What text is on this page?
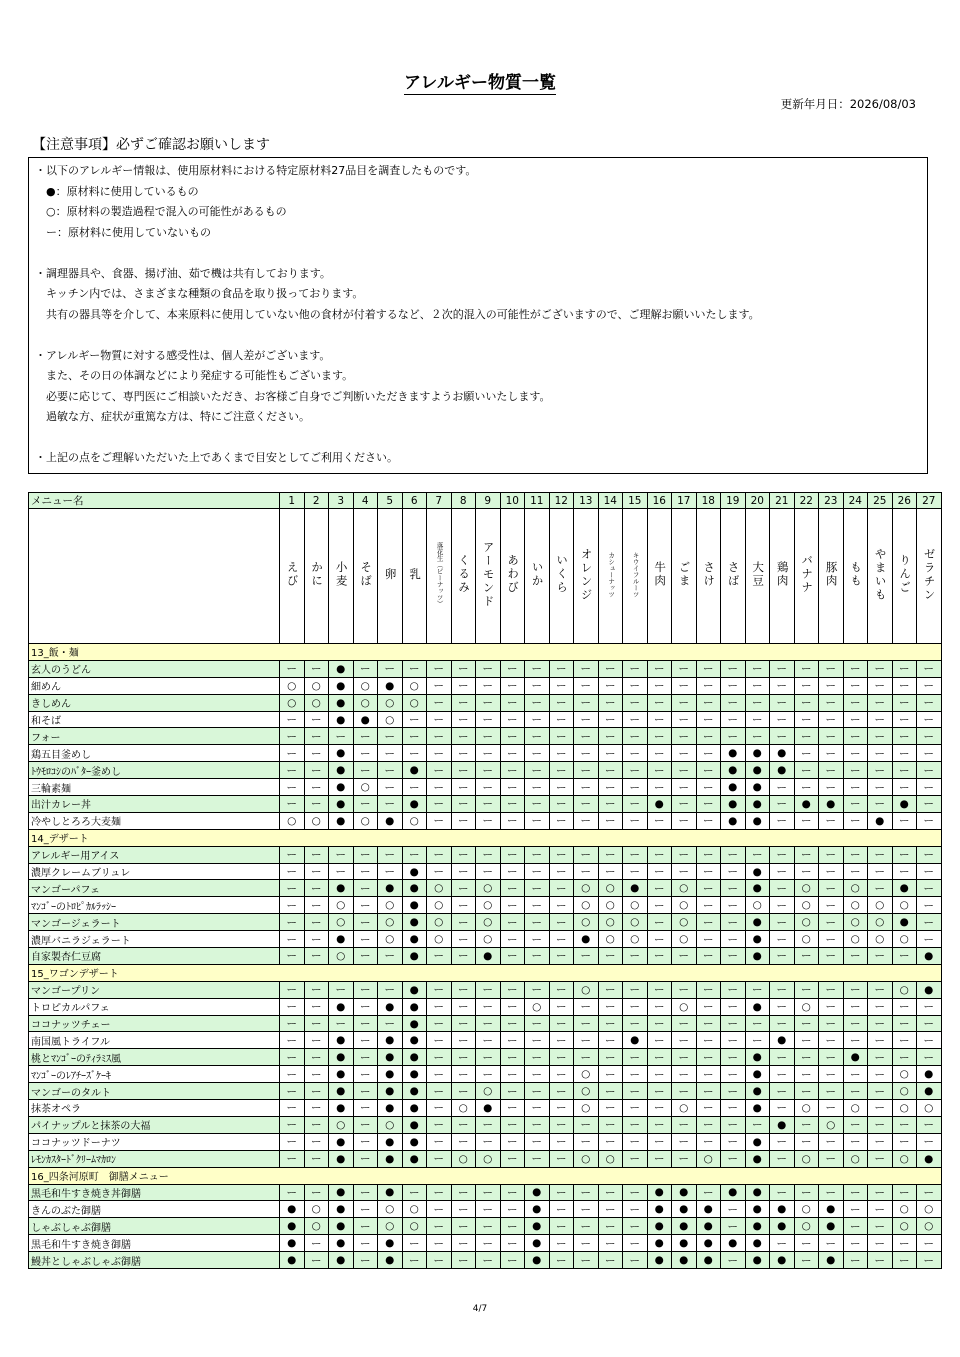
アレルギー物質一覧
更新年月日：2026/08/03
【注意事項】必ずご確認お願いします
・以下のアレルギー情報は、使用原材料における特定原材料27品目を調査したものです。
　●：原材料に使用しているもの
　○：原材料の製造過程で混入の可能性があるもの
　ー：原材料に使用していないもの
・調理器具や、食器、揚げ油、茹で機は共有しております。
　キッチン内では、さまざまな種類の食品を取り扱っております。
　共有の器具等を介して、本来原料に使用していない他の食材が付着するなど、２次的混入の可能性がございますので、ご理解お願いいたします。
・アレルギー物質に対する感受性は、個人差がございます。
　また、その日の体調などにより発症する可能性もございます。
　必要に応じて、専門医にご相談いただき、お客様ご自身でご判断いただきますようお願いいたします。
　過敏な方、症状が重篤な方は、特にご注意ください。
・上記の点をご理解いただいた上であくまで目安としてご利用ください。
メニュー名	1	2	3	4	5	6	7	8	9	10	11	12	13	14	15	16	17	18	19	20	21	22	23	24	25	26	27
	えび	かに	小麦	そば	卵	乳	落花生（ピーナッツ）	くるみ	アーモンド	あわび	いか	いくら	オレンジ	カシューナッツ	キウイフルーツ	牛肉	ごま	さけ	さば	大豆	鶏肉	バナナ	豚肉	もも	やまいも	りんご	ゼラチン
13_飯・麺																											
玄人のうどん	ー	ー	●	ー	ー	ー	ー	ー	ー	ー	ー	ー	ー	ー	ー	ー	ー	ー	ー	ー	ー	ー	ー	ー	ー	ー	ー
細めん	○	○	●	○	●	○	ー	ー	ー	ー	ー	ー	ー	ー	ー	ー	ー	ー	ー	ー	ー	ー	ー	ー	ー	ー	ー
きしめん	○	○	●	○	○	○	ー	ー	ー	ー	ー	ー	ー	ー	ー	ー	ー	ー	ー	ー	ー	ー	ー	ー	ー	ー	ー
和そば	ー	ー	●	●	○	ー	ー	ー	ー	ー	ー	ー	ー	ー	ー	ー	ー	ー	ー	ー	ー	ー	ー	ー	ー	ー	ー
フォー	ー	ー	ー	ー	ー	ー	ー	ー	ー	ー	ー	ー	ー	ー	ー	ー	ー	ー	ー	ー	ー	ー	ー	ー	ー	ー	ー
鶏五目釜めし	ー	ー	●	ー	ー	ー	ー	ー	ー	ー	ー	ー	ー	ー	ー	ー	ー	ー	●	●	●	ー	ー	ー	ー	ー	ー
ﾄｳﾓﾛｺｼのﾊﾞﾀｰ釜めし	ー	ー	●	ー	ー	●	ー	ー	ー	ー	ー	ー	ー	ー	ー	ー	ー	ー	●	●	●	ー	ー	ー	ー	ー	ー
三輪素麺	ー	ー	●	○	ー	ー	ー	ー	ー	ー	ー	ー	ー	ー	ー	ー	ー	ー	●	●	ー	ー	ー	ー	ー	ー	ー
出汁カレー丼	ー	ー	●	ー	ー	●	ー	ー	ー	ー	ー	ー	ー	ー	ー	●	ー	ー	●	●	ー	●	●	ー	ー	●	ー
冷やしとろろ大麦麺	○	○	●	○	●	○	ー	ー	ー	ー	ー	ー	ー	ー	ー	ー	ー	ー	●	●	ー	ー	ー	ー	●	ー	ー
14_デザート																											
アレルギー用アイス	ー	ー	ー	ー	ー	ー	ー	ー	ー	ー	ー	ー	ー	ー	ー	ー	ー	ー	ー	ー	ー	ー	ー	ー	ー	ー	ー
濃厚クレームブリュレ	ー	ー	ー	ー	ー	●	ー	ー	ー	ー	ー	ー	ー	ー	ー	ー	ー	ー	ー	●	ー	ー	ー	ー	ー	ー	ー
マンゴーパフェ	ー	ー	●	ー	●	●	○	ー	○	ー	ー	ー	○	○	●	ー	○	ー	ー	●	ー	○	ー	○	ー	●	ー
ﾏﾝｺﾞｰのﾄﾛﾋﾟｶﾙﾗｯｼｰ	ー	ー	○	ー	○	●	○	ー	○	ー	ー	ー	○	○	○	ー	○	ー	ー	○	ー	○	ー	○	○	○	ー
マンゴージェラート	ー	ー	○	ー	○	●	○	ー	○	ー	ー	ー	○	○	○	ー	○	ー	ー	●	ー	○	ー	○	○	●	ー
濃厚バニラジェラート	ー	ー	●	ー	○	●	○	ー	○	ー	ー	ー	●	○	○	ー	○	ー	ー	●	ー	○	ー	○	○	○	ー
自家製杏仁豆腐	ー	ー	○	ー	ー	●	ー	ー	●	ー	ー	ー	ー	ー	ー	ー	ー	ー	ー	●	ー	ー	ー	ー	ー	ー	●
15_ワゴンデザート																											
マンゴープリン	ー	ー	ー	ー	ー	●	ー	ー	ー	ー	ー	ー	○	ー	ー	ー	ー	ー	ー	ー	ー	ー	ー	ー	ー	○	●
トロピカルパフェ	ー	ー	●	ー	●	●	ー	ー	ー	ー	○	ー	ー	ー	ー	ー	○	ー	ー	●	ー	○	ー	ー	ー	ー	ー
ココナッツチェー	ー	ー	ー	ー	ー	●	ー	ー	ー	ー	ー	ー	ー	ー	ー	ー	ー	ー	ー	ー	ー	ー	ー	ー	ー	ー	ー
南国風トライフル	ー	ー	●	ー	●	●	ー	ー	ー	ー	ー	ー	ー	ー	●	ー	ー	ー	ー	ー	●	ー	ー	ー	ー	ー	ー
桃とﾏﾝｺﾞｰのﾃｨﾗﾐｽ風	ー	ー	●	ー	●	●	ー	ー	ー	ー	ー	ー	ー	ー	ー	ー	ー	ー	ー	●	ー	ー	ー	●	ー	ー	ー
ﾏﾝｺﾞｰのﾚｱﾁｰｽﾞｹｰｷ	ー	ー	●	ー	●	●	ー	ー	ー	ー	ー	ー	○	ー	ー	ー	ー	ー	ー	●	ー	ー	ー	ー	ー	○	●
マンゴーのタルト	ー	ー	●	ー	●	●	ー	ー	○	ー	ー	ー	○	ー	ー	ー	ー	ー	ー	●	ー	ー	ー	ー	ー	○	●
抹茶オペラ	ー	ー	●	ー	●	●	ー	○	●	ー	ー	ー	○	ー	ー	ー	○	ー	ー	●	ー	○	ー	○	ー	○	○
パイナップルと抹茶の大福	ー	ー	○	ー	○	●	ー	ー	ー	ー	ー	ー	ー	ー	ー	ー	ー	ー	ー	ー	●	ー	○	ー	ー	ー	ー
ココナッツドーナツ	ー	ー	●	ー	●	●	ー	ー	ー	ー	ー	ー	ー	ー	ー	ー	ー	ー	ー	●	ー	ー	ー	ー	ー	ー	ー
ﾚﾓﾝｶｽﾀｰﾄﾞｸﾘｰﾑﾏｶﾛﾝ	ー	ー	●	ー	●	●	ー	○	○	ー	ー	ー	○	○	ー	ー	ー	○	ー	●	ー	○	ー	○	ー	○	●
16_四条河原町　御膳メニュー																											
黒毛和牛すき焼き丼御膳	ー	ー	●	ー	●	ー	ー	ー	ー	ー	●	ー	ー	ー	ー	●	●	ー	●	●	ー	ー	ー	ー	ー	ー	ー
きんのぶた御膳	●	○	●	ー	○	○	ー	ー	ー	ー	●	ー	ー	ー	ー	●	●	●	ー	●	●	○	●	ー	ー	○	○
しゃぶしゃぶ御膳	●	○	●	ー	○	○	ー	ー	ー	ー	●	ー	ー	ー	ー	●	●	●	ー	●	●	○	●	ー	ー	○	○
黒毛和牛すき焼き御膳	●	ー	●	ー	●	ー	ー	ー	ー	ー	●	ー	ー	ー	ー	●	●	●	●	●	ー	ー	ー	ー	ー	ー	ー
鰻丼としゃぶしゃぶ御膳	●	ー	●	ー	●	ー	ー	ー	ー	ー	●	ー	ー	ー	ー	●	●	●	ー	●	●	ー	●	ー	ー	ー	ー
4/7
